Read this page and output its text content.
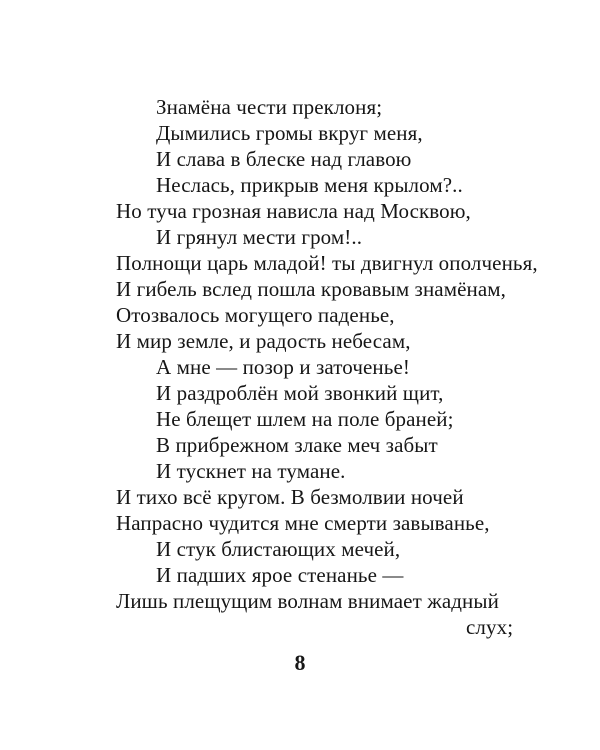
Знамёна чести преклоня;
Дымились громы вкруг меня,
И слава в блеске над главою
Неслась, прикрыв меня крылом?..
Но туча грозная нависла над Москвою,
И грянул мести гром!..
Полнощи царь младой! ты двигнул ополченья,
И гибель вслед пошла кровавым знамёнам,
Отозвалось могущего паденье,
И мир земле, и радость небесам,
А мне — позор и заточенье!
И раздроблён мой звонкий щит,
Не блещет шлем на поле браней;
В прибрежном злаке меч забыт
И тускнет на тумане.
И тихо всё кругом. В безмолвии ночей
Напрасно чудится мне смерти завыванье,
И стук блистающих мечей,
И падших ярое стенанье —
Лишь плещущим волнам внимает жадный
слух;
8
